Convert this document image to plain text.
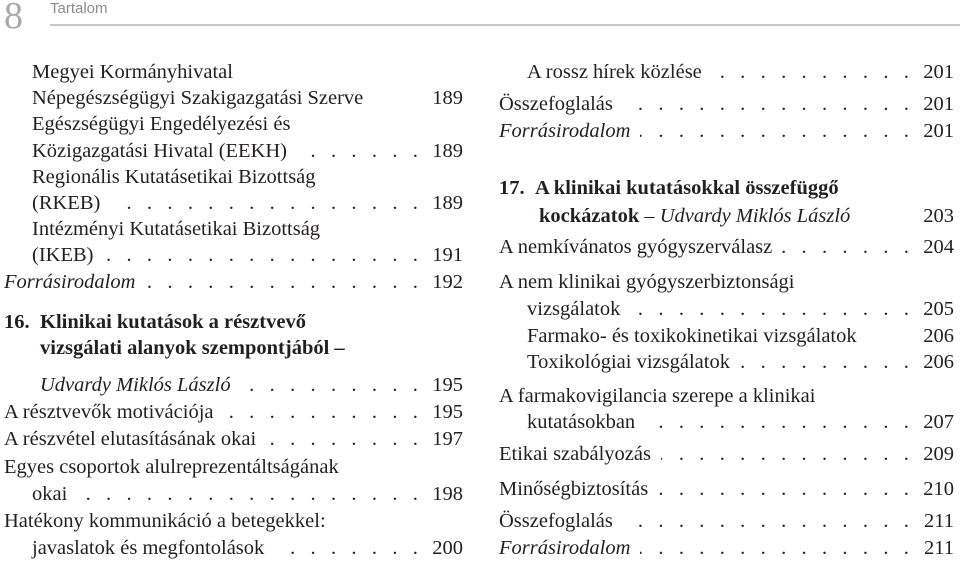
8 Tartalom
Megyei Kormányhivatal
Népegészségügyi Szakigazgatási Szerve	189
Egészségügyi Engedélyezési és
Közigazgatási Hivatal (EEKH) . . .	189
Regionális Kutatásetikai Bizottság
(RKEB) . . .	189
Intézményi Kutatásetikai Bizottság
(IKEB) . . .	191
Forrásirodalom . . .	192
16. Klinikai kutatások a résztvevő
vizsgálati alanyok szempontjából –
Udvardy Miklós László . . .	195
A résztvevők motivációja . . .	195
A részvétel elutasításának okai . . .	197
Egyes csoportok alulreprezentáltságának
okai . . .	198
Hatékony kommunikáció a betegekkel:
javaslatok és megfontolások . . .	200
A rossz hírek közlése . . .	201
Összefoglalás . . .	201
Forrásirodalom . . .	201
17. A klinikai kutatásokkal összefüggő
kockázatok
–
Udvardy Miklós László	203
A nemkívánatos gyógyszerválasz . . .	204
A nem klinikai gyógyszerbiztonsági
vizsgálatok . . .	205
Farmako- és toxikokinetikai vizsgálatok	206
Toxikológiai vizsgálatok . . .	206
A farmakovigilancia szerepe a klinikai
kutatásokban . . .	207
Etikai szabályozás . . .	209
Minőségbiztosítás . . .	210
Összefoglalás . . .	211
Forrásirodalom . . .	211
